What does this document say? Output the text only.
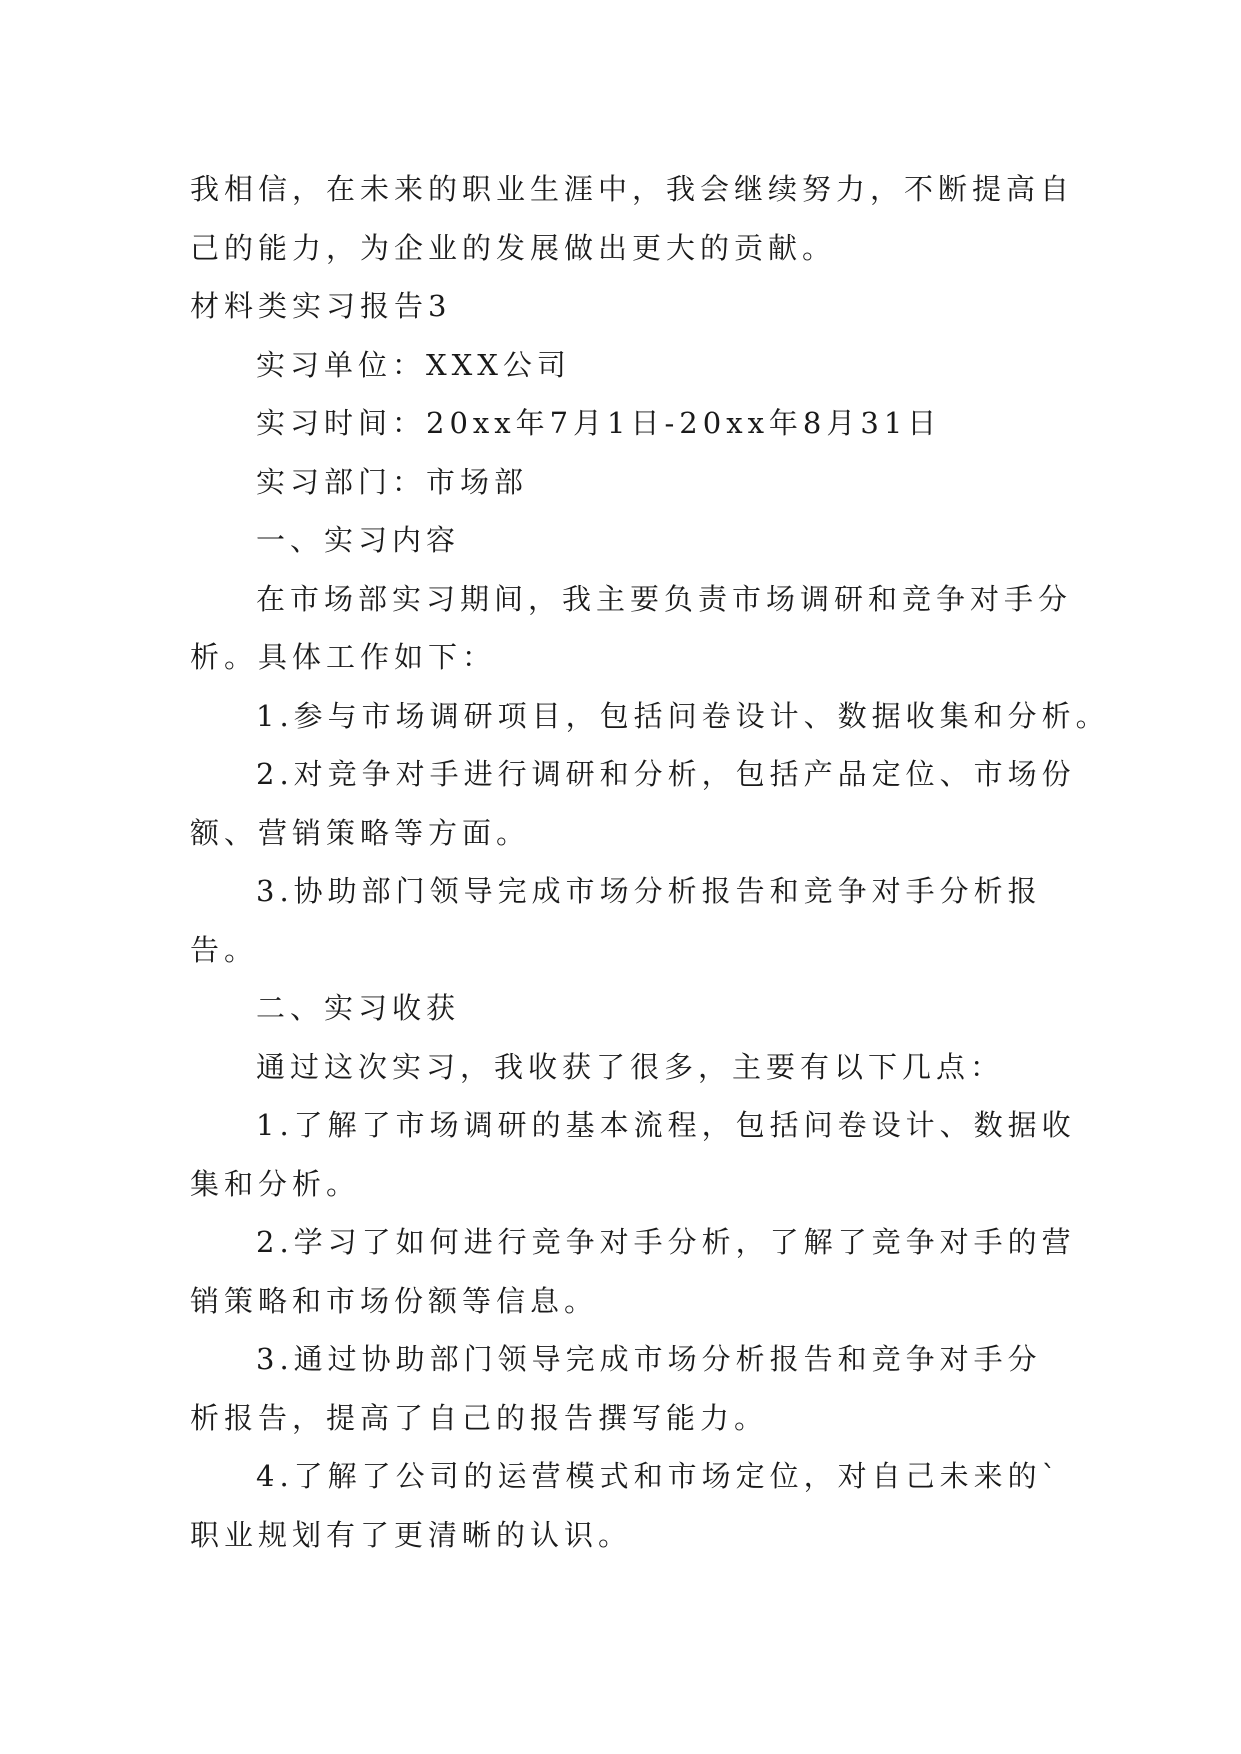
我相信，在未来的职业生涯中，我会继续努力，不断提高自

己的能力，为企业的发展做出更大的贡献。

材料类实习报告3

实习单位：XXX公司

实习时间：20xx年7月1日-20xx年8月31日

实习部门：市场部

一、实习内容

在市场部实习期间，我主要负责市场调研和竞争对手分

析。具体工作如下：

1.参与市场调研项目，包括问卷设计、数据收集和分析。

2.对竞争对手进行调研和分析，包括产品定位、市场份

额、营销策略等方面。

3.协助部门领导完成市场分析报告和竞争对手分析报

告。

二、实习收获

通过这次实习，我收获了很多，主要有以下几点：

1.了解了市场调研的基本流程，包括问卷设计、数据收

集和分析。

2.学习了如何进行竞争对手分析，了解了竞争对手的营

销策略和市场份额等信息。

3.通过协助部门领导完成市场分析报告和竞争对手分

析报告，提高了自己的报告撰写能力。

4.了解了公司的运营模式和市场定位，对自己未来的`

职业规划有了更清晰的认识。
